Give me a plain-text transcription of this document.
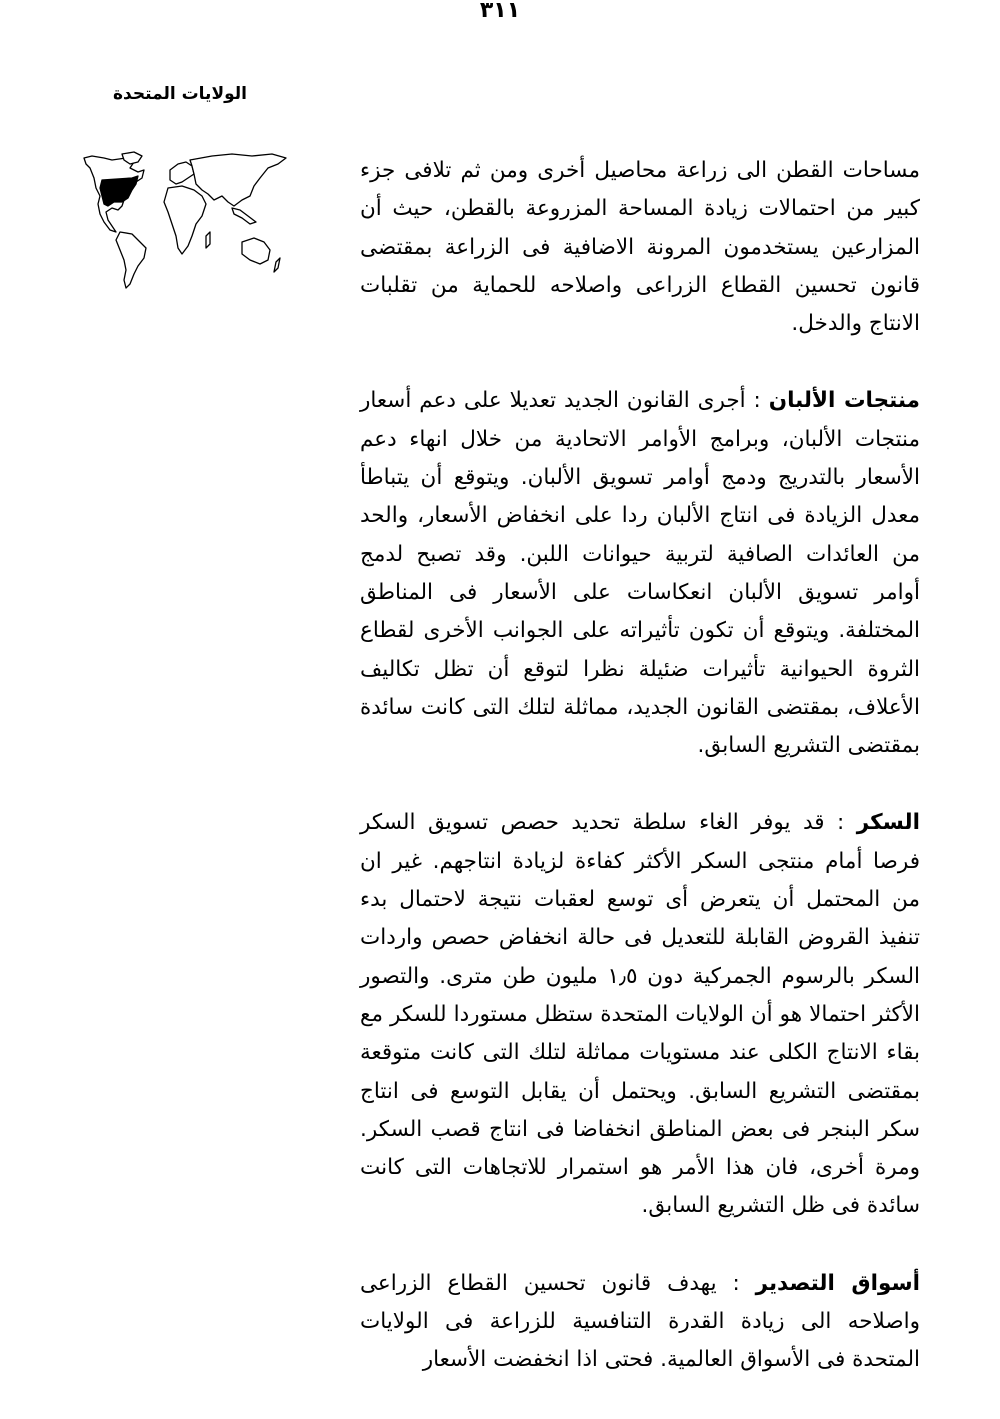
٣١١
الولايات المتحدة

مساحات القطن الى زراعة محاصيل أخرى ومن ثم تلافى جزء كبير من احتمالات زيادة المساحة المزروعة بالقطن، حيث أن المزارعين يستخدمون المرونة الاضافية فى الزراعة بمقتضى قانون تحسين القطاع الزراعى واصلاحه للحماية من تقلبات الانتاج والدخل.

منتجات الألبان : أجرى القانون الجديد تعديلا على دعم أسعار منتجات الألبان، وبرامج الأوامر الاتحادية من خلال انهاء دعم الأسعار بالتدريج ودمج أوامر تسويق الألبان. ويتوقع أن يتباطأ معدل الزيادة فى انتاج الألبان ردا على انخفاض الأسعار، والحد من العائدات الصافية لتربية حيوانات اللبن. وقد تصبح لدمج أوامر تسويق الألبان انعكاسات على الأسعار فى المناطق المختلفة. ويتوقع أن تكون تأثيراته على الجوانب الأخرى لقطاع الثروة الحيوانية تأثيرات ضئيلة نظرا لتوقع أن تظل تكاليف الأعلاف، بمقتضى القانون الجديد، مماثلة لتلك التى كانت سائدة بمقتضى التشريع السابق.

السكر : قد يوفر الغاء سلطة تحديد حصص تسويق السكر فرصا أمام منتجى السكر الأكثر كفاءة لزيادة انتاجهم. غير ان من المحتمل أن يتعرض أى توسع لعقبات نتيجة لاحتمال بدء تنفيذ القروض القابلة للتعديل فى حالة انخفاض حصص واردات السكر بالرسوم الجمركية دون ١٫٥ مليون طن مترى. والتصور الأكثر احتمالا هو أن الولايات المتحدة ستظل مستوردا للسكر مع بقاء الانتاج الكلى عند مستويات مماثلة لتلك التى كانت متوقعة بمقتضى التشريع السابق. ويحتمل أن يقابل التوسع فى انتاج سكر البنجر فى بعض المناطق انخفاضا فى انتاج قصب السكر. ومرة أخرى، فان هذا الأمر هو استمرار للاتجاهات التى كانت سائدة فى ظل التشريع السابق.

أسواق التصدير : يهدف قانون تحسين القطاع الزراعى واصلاحه الى زيادة القدرة التنافسية للزراعة فى الولايات المتحدة فى الأسواق العالمية. فحتى اذا انخفضت الأسعار
